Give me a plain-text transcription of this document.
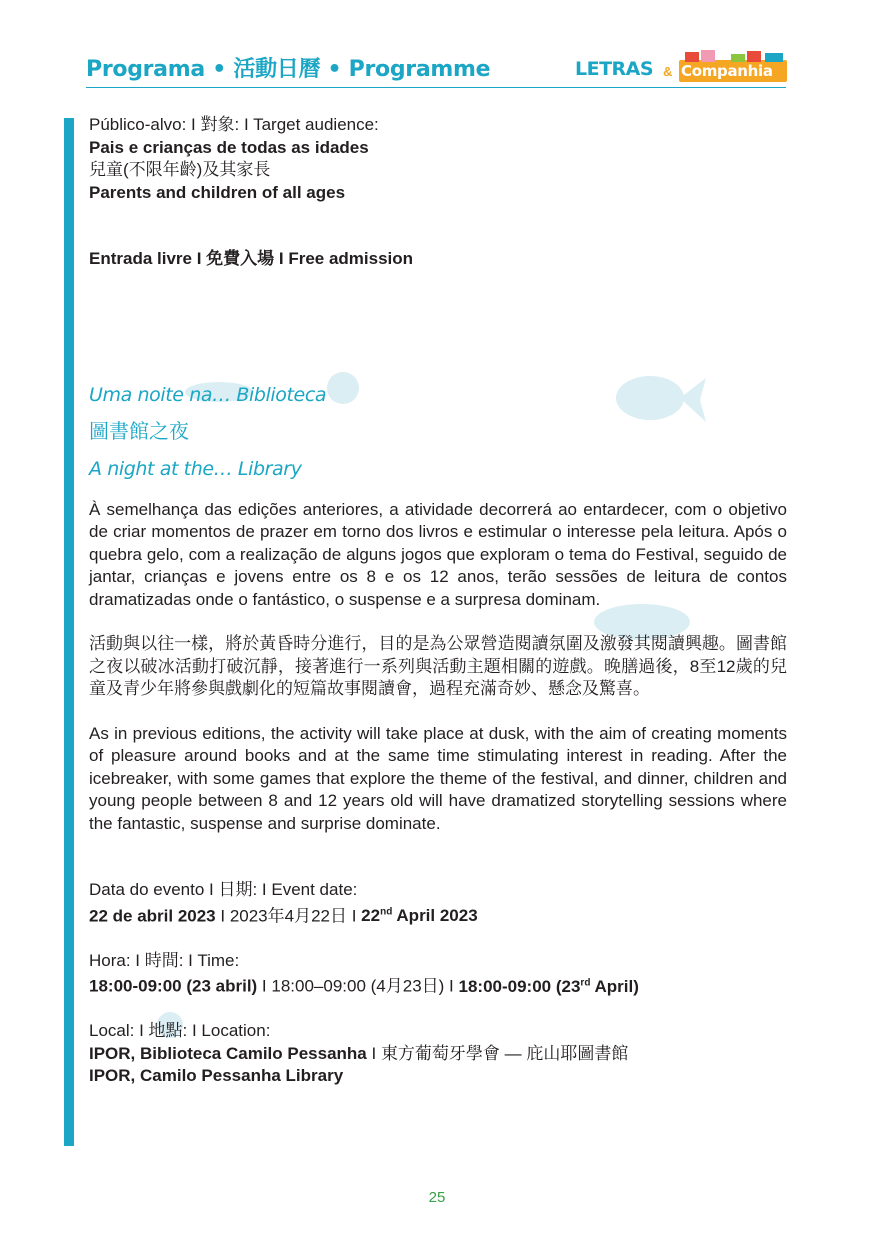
Programa • 活動日曆 • Programme	LETRAS & Companhia
Público-alvo: I 對象: I Target audience:
Pais e crianças de todas as idades
兒童(不限年齡)及其家長
Parents and children of all ages
Entrada livre I 免費入場 I Free admission
Uma noite na… Biblioteca
圖書館之夜
A night at the… Library

À semelhança das edições anteriores, a atividade decorrerá ao entardecer, com o objetivo de criar momentos de prazer em torno dos livros e estimular o interesse pela leitura. Após o quebra gelo, com a realização de alguns jogos que exploram o tema do Festival, seguido de jantar, crianças e jovens entre os 8 e os 12 anos, terão sessões de leitura de contos dramatizadas onde o fantástico, o suspense e a surpresa dominam.

活動與以往一樣，將於黃昏時分進行，目的是為公眾營造閱讀氛圍及激發其閱讀興趣。圖書館之夜以破冰活動打破沉靜，接著進行一系列與活動主題相關的遊戲。晚膳過後，8至12歲的兒童及青少年將參與戲劇化的短篇故事閱讀會，過程充滿奇妙、懸念及驚喜。

As in previous editions, the activity will take place at dusk, with the aim of creating moments of pleasure around books and at the same time stimulating interest in reading. After the icebreaker, with some games that explore the theme of the festival, and dinner, children and young people between 8 and 12 years old will have dramatized storytelling sessions where the fantastic, suspense and surprise dominate.

Data do evento I 日期: I Event date:
22 de abril 2023 I 2023年4月22日 I 22nd April 2023
Hora: I 時間: I Time:
18:00-09:00 (23 abril) I 18:00–09:00 (4月23日) I 18:00-09:00 (23rd April)
Local: I 地點: I Location:
IPOR, Biblioteca Camilo Pessanha I 東方葡萄牙學會 — 庇山耶圖書館
IPOR, Camilo Pessanha Library
25
